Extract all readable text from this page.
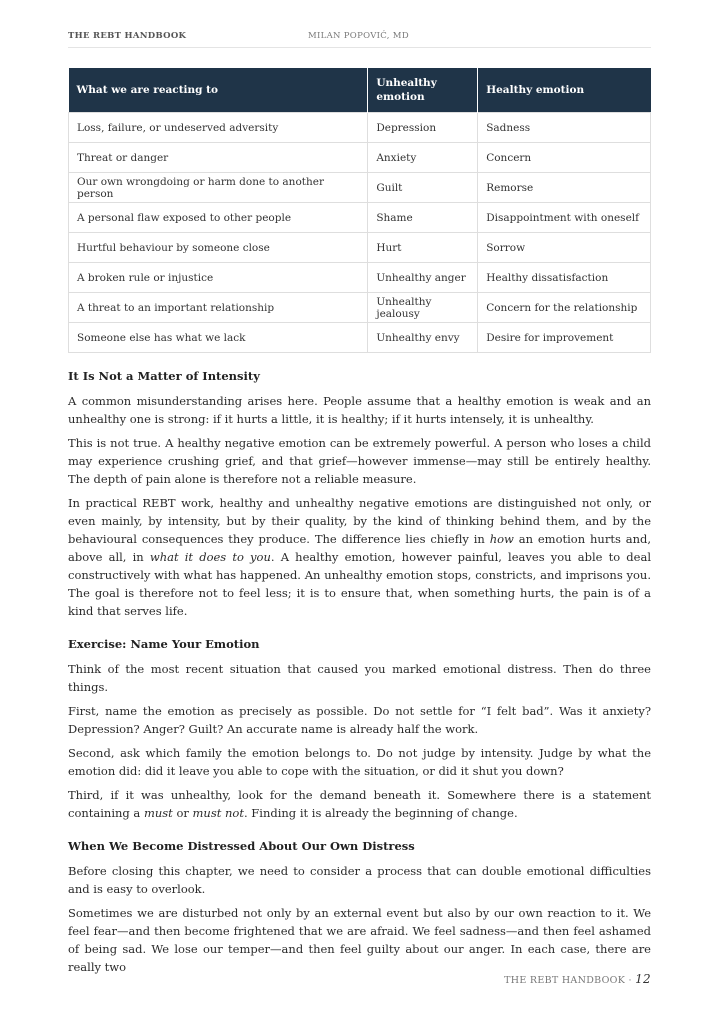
THE REBT HANDBOOK	MILAN POPOVIĆ, MD
What we are reacting to	Unhealthy emotion	Healthy emotion
Loss, failure, or undeserved adversity	Depression	Sadness
Threat or danger	Anxiety	Concern
Our own wrongdoing or harm done to another person	Guilt	Remorse
A personal flaw exposed to other people	Shame	Disappointment with oneself
Hurtful behaviour by someone close	Hurt	Sorrow
A broken rule or injustice	Unhealthy anger	Healthy dissatisfaction
A threat to an important relationship	Unhealthy jealousy	Concern for the relationship
Someone else has what we lack	Unhealthy envy	Desire for improvement
It Is Not a Matter of Intensity

A common misunderstanding arises here. People assume that a healthy emotion is weak and an unhealthy one is strong: if it hurts a little, it is healthy; if it hurts intensely, it is unhealthy.

This is not true. A healthy negative emotion can be extremely powerful. A person who loses a child may experience crushing grief, and that grief—however immense—may still be entirely healthy. The depth of pain alone is therefore not a reliable measure.

In practical REBT work, healthy and unhealthy negative emotions are distinguished not only, or even mainly, by intensity, but by their quality, by the kind of thinking behind them, and by the behavioural consequences they produce. The difference lies chiefly in how an emotion hurts and, above all, in what it does to you. A healthy emotion, however painful, leaves you able to deal constructively with what has happened. An unhealthy emotion stops, constricts, and imprisons you. The goal is therefore not to feel less; it is to ensure that, when something hurts, the pain is of a kind that serves life.

Exercise: Name Your Emotion

Think of the most recent situation that caused you marked emotional distress. Then do three things.

First, name the emotion as precisely as possible. Do not settle for “I felt bad”. Was it anxiety? Depression? Anger? Guilt? An accurate name is already half the work.

Second, ask which family the emotion belongs to. Do not judge by intensity. Judge by what the emotion did: did it leave you able to cope with the situation, or did it shut you down?

Third, if it was unhealthy, look for the demand beneath it. Somewhere there is a statement containing a must or must not. Finding it is already the beginning of change.

When We Become Distressed About Our Own Distress

Before closing this chapter, we need to consider a process that can double emotional difficulties and is easy to overlook.

Sometimes we are disturbed not only by an external event but also by our own reaction to it. We feel fear—and then become frightened that we are afraid. We feel sadness—and then feel ashamed of being sad. We lose our temper—and then feel guilty about our anger. In each case, there are really two

THE REBT HANDBOOK · 12
